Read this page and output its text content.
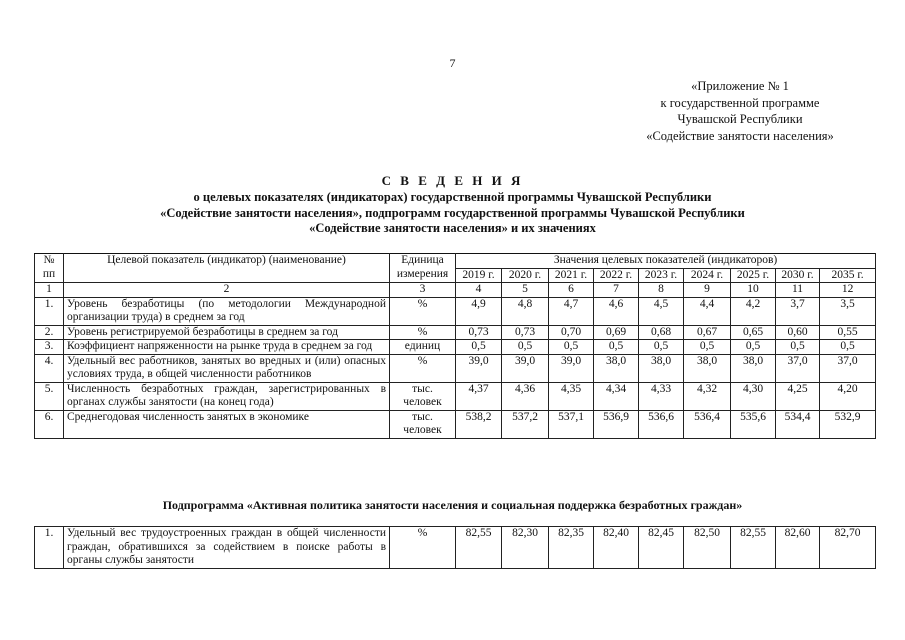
7
«Приложение № 1
к государственной программе
Чувашской Республики
«Содействие занятости населения»
С В Е Д Е Н И Я
о целевых показателях (индикаторах) государственной программы Чувашской Республики
«Содействие занятости населения», подпрограмм государственной программы Чувашской Республики
«Содействие занятости населения» и их значениях
№ пп	Целевой показатель (индикатор) (наименование)	Единица измерения	Значения целевых показателей (индикаторов)								
			2019 г.	2020 г.	2021 г.	2022 г.	2023 г.	2024 г.	2025 г.	2030 г.	2035 г.
1	2	3	4	5	6	7	8	9	10	11	12
1.	Уровень безработицы (по методологии Международной организации труда) в среднем за год	%	4,9	4,8	4,7	4,6	4,5	4,4	4,2	3,7	3,5
2.	Уровень регистрируемой безработицы в среднем за год	%	0,73	0,73	0,70	0,69	0,68	0,67	0,65	0,60	0,55
3.	Коэффициент напряженности на рынке труда в среднем за год	единиц	0,5	0,5	0,5	0,5	0,5	0,5	0,5	0,5	0,5
4.	Удельный вес работников, занятых во вредных и (или) опасных условиях труда, в общей численности работников	%	39,0	39,0	39,0	38,0	38,0	38,0	38,0	37,0	37,0
5.	Численность безработных граждан, зарегистрированных в органах службы занятости (на конец года)	тыс. человек	4,37	4,36	4,35	4,34	4,33	4,32	4,30	4,25	4,20
6.	Среднегодовая численность занятых в экономике	тыс. человек	538,2	537,2	537,1	536,9	536,6	536,4	535,6	534,4	532,9
Подпрограмма «Активная политика занятости населения и социальная поддержка безработных граждан»
1.	Удельный вес трудоустроенных граждан в общей численности граждан, обратившихся за содействием в поиске работы в органы службы занятости	%	82,55	82,30	82,35	82,40	82,45	82,50	82,55	82,60	82,70
